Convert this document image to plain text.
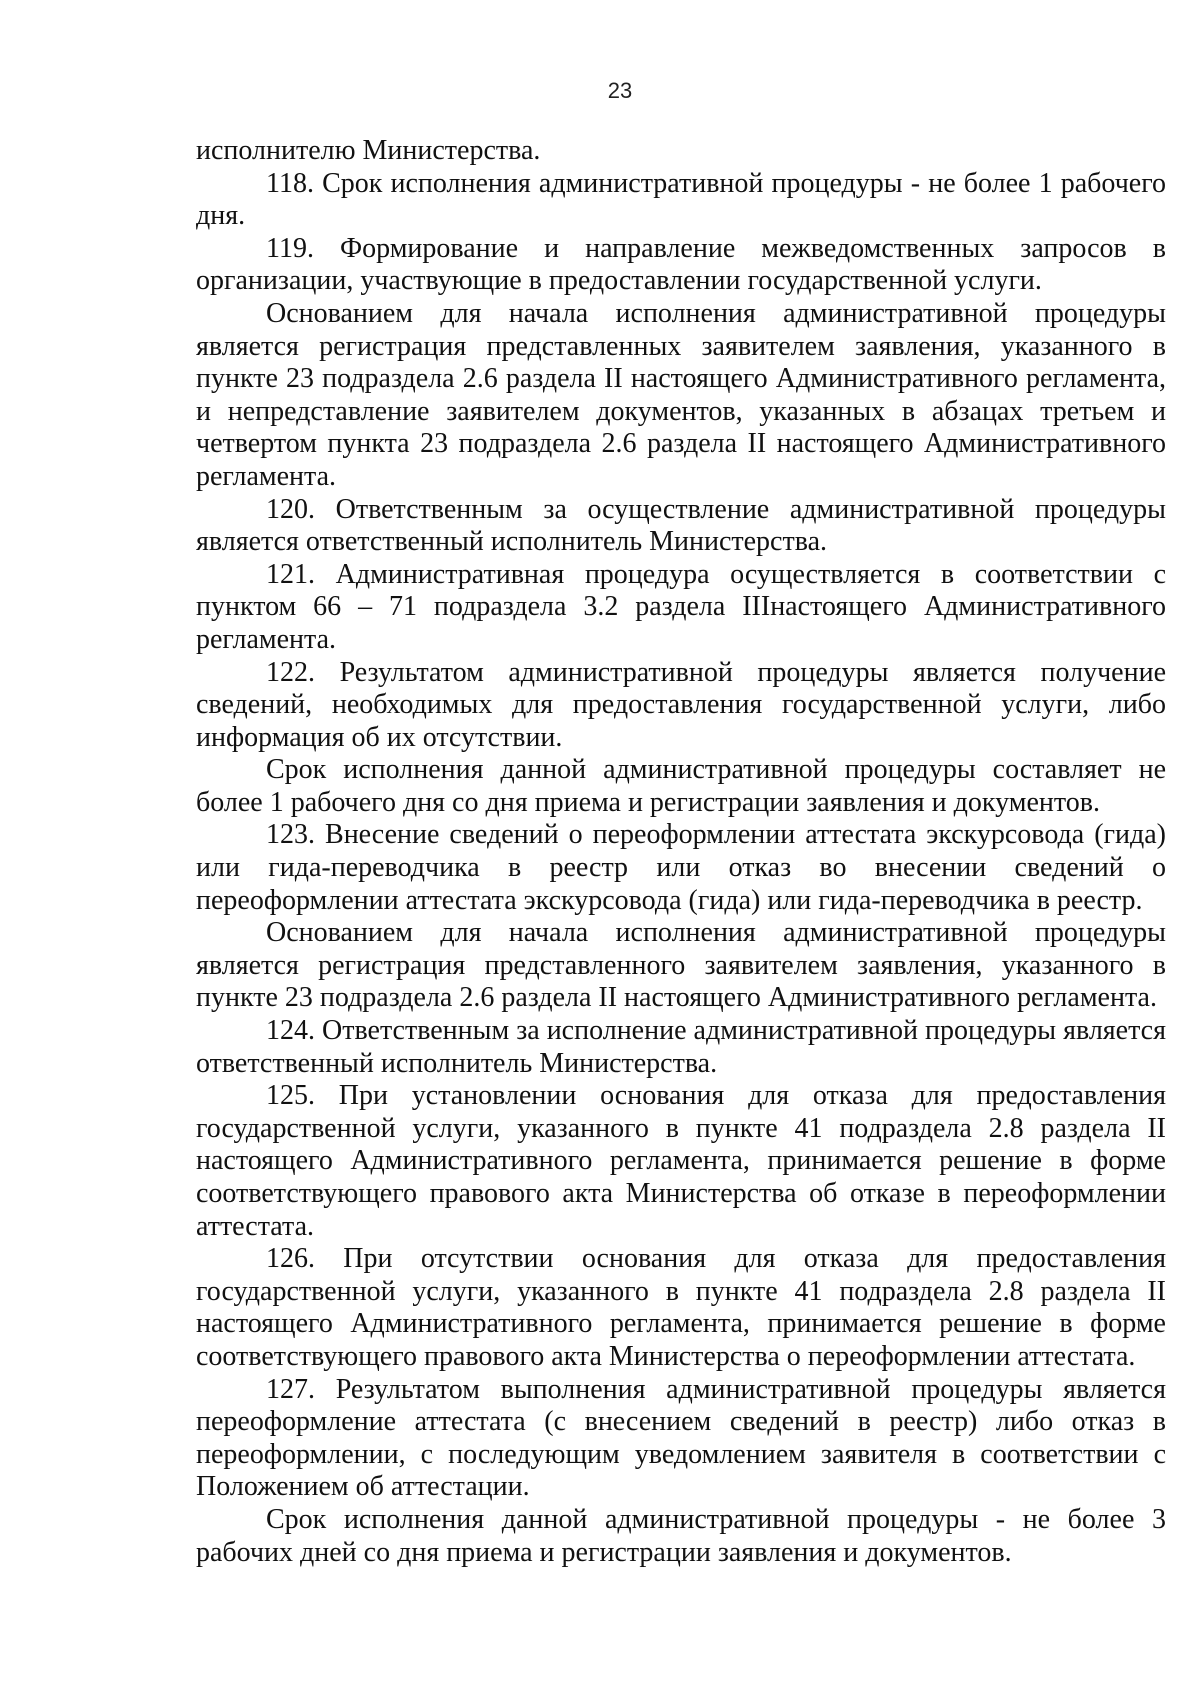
23

исполнителю Министерства.

118. Срок исполнения административной процедуры - не более 1 рабочего дня.

119. Формирование и направление межведомственных запросов в организации, участвующие в предоставлении государственной услуги.

Основанием для начала исполнения административной процедуры является регистрация представленных заявителем заявления, указанного в пункте 23 подраздела 2.6 раздела II настоящего Административного регламента, и непредставление заявителем документов, указанных в абзацах третьем и четвертом пункта 23 подраздела 2.6 раздела II настоящего Административного регламента.

120. Ответственным за осуществление административной процедуры является ответственный исполнитель Министерства.

121. Административная процедура осуществляется в соответствии с пунктом 66 – 71 подраздела 3.2 раздела IIIнастоящего Административного регламента.

122. Результатом административной процедуры является получение сведений, необходимых для предоставления государственной услуги, либо информация об их отсутствии.

Срок исполнения данной административной процедуры составляет не более 1 рабочего дня со дня приема и регистрации заявления и документов.

123. Внесение сведений о переоформлении аттестата экскурсовода (гида) или гида-переводчика в реестр или отказ во внесении сведений о переоформлении аттестата экскурсовода (гида) или гида-переводчика в реестр.

Основанием для начала исполнения административной процедуры является регистрация представленного заявителем заявления, указанного в пункте 23 подраздела 2.6 раздела II настоящего Административного регламента.

124. Ответственным за исполнение административной процедуры является ответственный исполнитель Министерства.

125. При установлении основания для отказа для предоставления государственной услуги, указанного в пункте 41 подраздела 2.8 раздела II настоящего Административного регламента, принимается решение в форме соответствующего правового акта Министерства об отказе в переоформлении аттестата.

126. При отсутствии основания для отказа для предоставления государственной услуги, указанного в пункте 41 подраздела 2.8 раздела II настоящего Административного регламента, принимается решение в форме соответствующего правового акта Министерства о переоформлении аттестата.

127. Результатом выполнения административной процедуры является переоформление аттестата (с внесением сведений в реестр) либо отказ в переоформлении, с последующим уведомлением заявителя в соответствии с Положением об аттестации.

Срок исполнения данной административной процедуры - не более 3 рабочих дней со дня приема и регистрации заявления и документов.
